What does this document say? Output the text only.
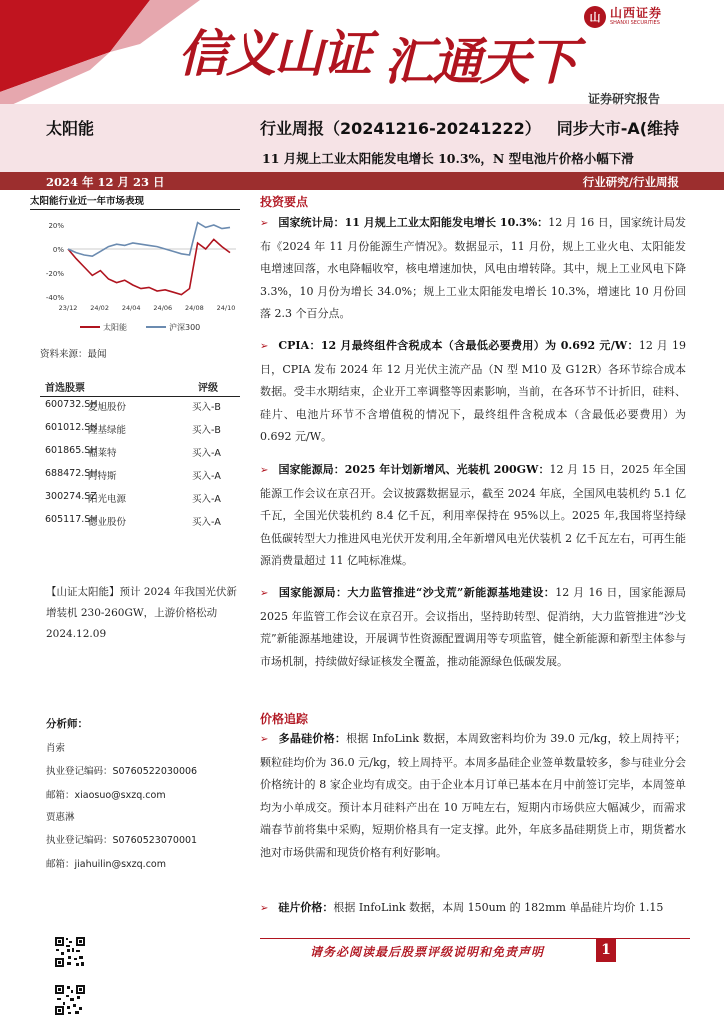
信义山证 汇通天下
山 山西证券
SHANXI SECURITIES
证券研究报告
太阳能	行业周报（20241216-20241222） 同步大市-A(维持
11 月规上工业太阳能发电增长 10.3%，N 型电池片价格小幅下滑
2024 年 12 月 23 日	行业研究/行业周报
太阳能行业近一年市场表现
20%
0%
-20%
-40%
23/12 24/02 24/04 24/06 24/08 24/10
太阳能	沪深300
资料来源：最闻
首选股票	评级
600732.SH
爱旭股份	买入-B
601012.SH
隆基绿能	买入-B
601865.SH
福莱特	买入-A
688472.SH
阿特斯	买入-A
300274.SZ
阳光电源	买入-A
605117.SH
德业股份	买入-A
【山证太阳能】预计 2024 年我国光伏新增装机 230-260GW，上游价格松动 2024.12.09
分析师：
肖索
执业登记编码：S0760522030006
邮箱：xiaosuo@sxzq.com
贾惠淋
执业登记编码：S0760523070001
邮箱：jiahuilin@sxzq.com
投资要点
➢ 国家统计局：11 月规上工业太阳能发电增长 10.3%：12 月 16 日，国家统计局发布《2024 年 11 月份能源生产情况》。数据显示，11 月份，规上工业火电、太阳能发电增速回落，水电降幅收窄，核电增速加快，风电由增转降。其中，规上工业风电下降 3.3%，10 月份为增长 34.0%；规上工业太阳能发电增长 10.3%，增速比 10 月份回落 2.3 个百分点。
➢ CPIA：12 月最终组件含税成本（含最低必要费用）为 0.692 元/W：12 月 19 日，CPIA 发布 2024 年 12 月光伏主流产品（N 型 M10 及 G12R）各环节综合成本数据。受丰水期结束，企业开工率调整等因素影响，当前，在各环节不计折旧，硅料、硅片、电池片环节不含增值税的情况下，最终组件含税成本（含最低必要费用）为 0.692 元/W。
➢ 国家能源局：2025 年计划新增风、光装机 200GW：12 月 15 日，2025 年全国能源工作会议在京召开。会议披露数据显示，截至 2024 年底，全国风电装机约 5.1 亿千瓦，全国光伏装机约 8.4 亿千瓦，利用率保持在 95%以上。2025 年,我国将坚持绿色低碳转型大力推进风电光伏开发利用,全年新增风电光伏装机 2 亿千瓦左右，可再生能源消费量超过 11 亿吨标准煤。
➢ 国家能源局：大力监管推进“沙戈荒”新能源基地建设：12 月 16 日，国家能源局 2025 年监管工作会议在京召开。会议指出，坚持助转型、促消纳，大力监管推进“沙戈荒”新能源基地建设，开展调节性资源配置调用等专项监管，健全新能源和新型主体参与市场机制，持续做好绿证核发全覆盖，推动能源绿色低碳发展。
价格追踪
➢ 多晶硅价格：根据 InfoLink 数据，本周致密料均价为 39.0 元/kg，较上周持平；颗粒硅均价为 36.0 元/kg，较上周持平。本周多晶硅企业签单数量较多，参与硅业分会价格统计的 8 家企业均有成交。由于企业本月订单已基本在月中前签订完毕，本周签单均为小单成交。预计本月硅料产出在 10 万吨左右，短期内市场供应大幅减少，而需求端春节前将集中采购，短期价格具有一定支撑。此外，年底多晶硅期货上市，期货蓄水池对市场供需和现货价格有利好影响。
➢ 硅片价格：根据 InfoLink 数据，本周 150um 的 182mm 单晶硅片均价 1.15
请务必阅读最后股票评级说明和免责声明	1
